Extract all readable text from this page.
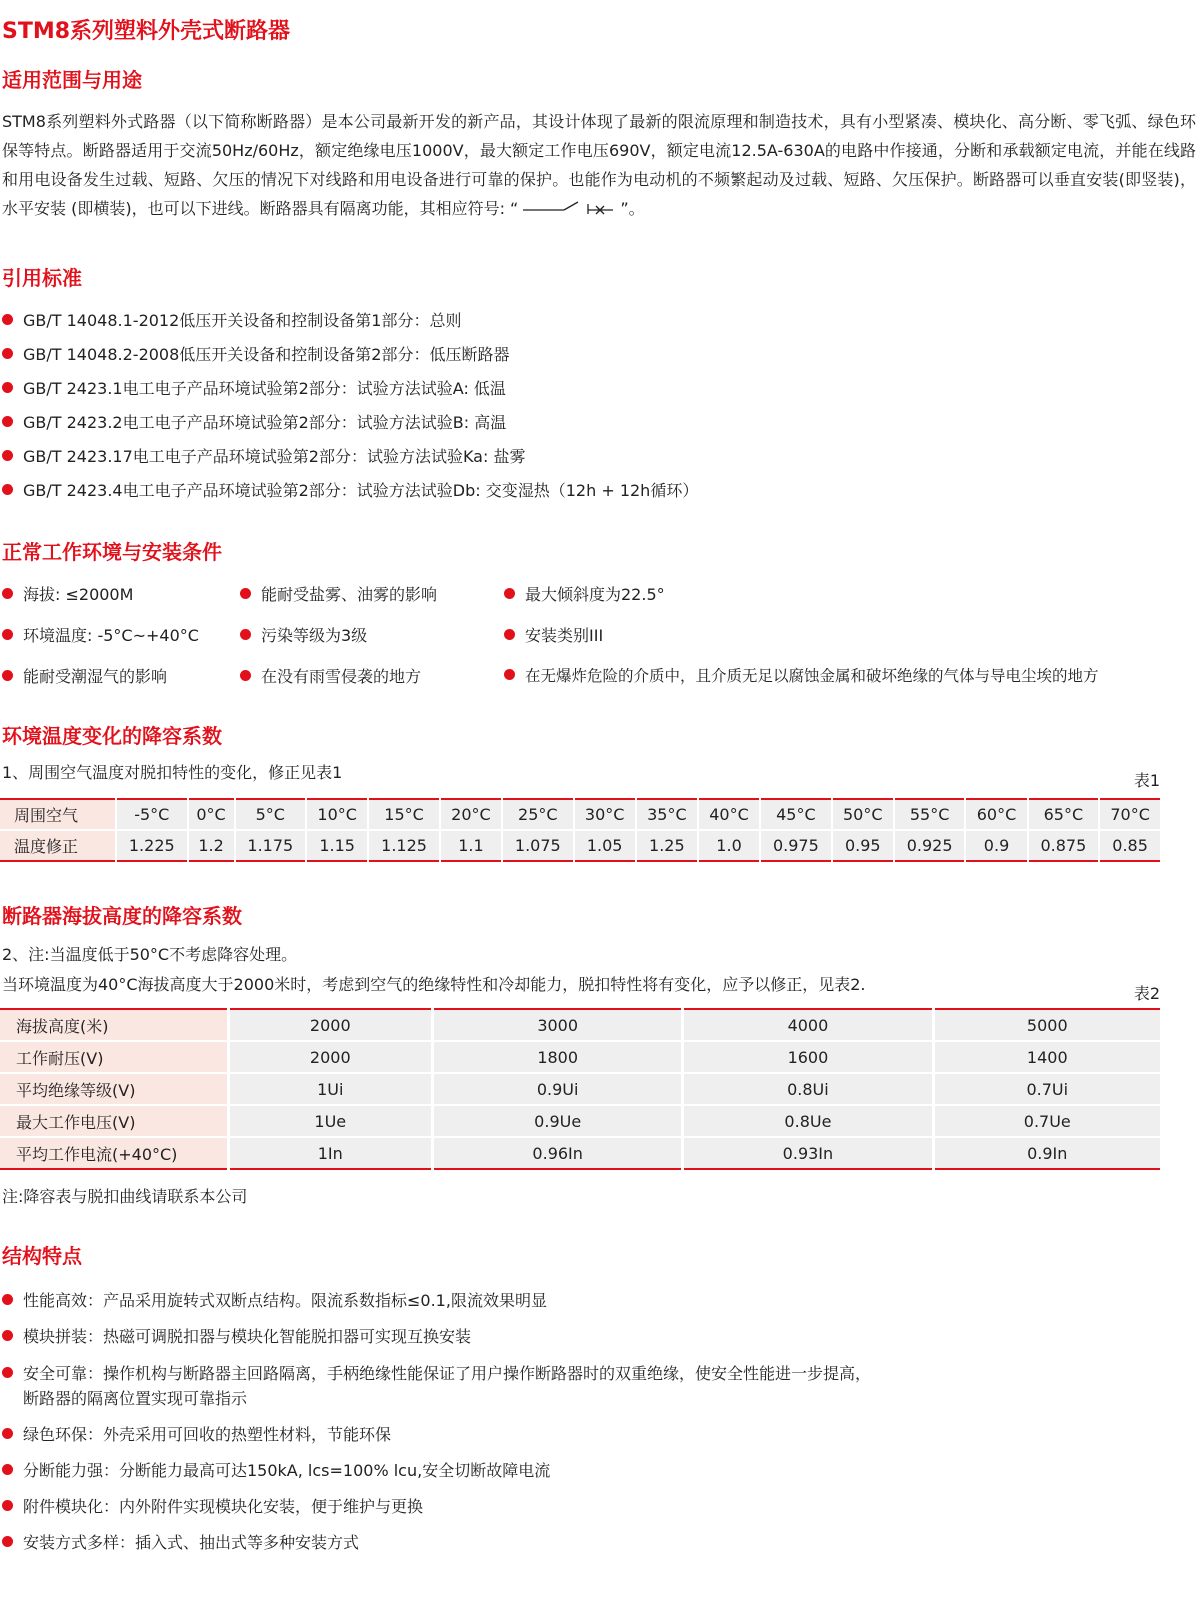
STM8系列塑料外壳式断路器
适用范围与用途
STM8系列塑料外式路器（以下简称断路器）是本公司最新开发的新产品，其设计体现了最新的限流原理和制造技术，具有小型紧凑、模块化、高分断、零飞弧、绿色环保等特点。断路器适用于交流50Hz/60Hz，额定绝缘电压1000V，最大额定工作电压690V，额定电流12.5A-630A的电路中作接通，分断和承载额定电流，并能在线路和用电设备发生过载、短路、欠压的情况下对线路和用电设备进行可靠的保护。也能作为电动机的不频繁起动及过载、短路、欠压保护。断路器可以垂直安装(即竖装)，水平安装 (即横装)，也可以下进线。断路器具有隔离功能，其相应符号: “	”。
引用标准
GB/T 14048.1-2012低压开关设备和控制设备第1部分：总则
GB/T 14048.2-2008低压开关设备和控制设备第2部分：低压断路器
GB/T 2423.1电工电子产品环境试验第2部分：试验方法试验A: 低温
GB/T 2423.2电工电子产品环境试验第2部分：试验方法试验B: 高温
GB/T 2423.17电工电子产品环境试验第2部分：试验方法试验Ka: 盐雾
GB/T 2423.4电工电子产品环境试验第2部分：试验方法试验Db: 交变湿热（12h + 12h循环）
正常工作环境与安装条件
海拔: ≤2000M
环境温度: -5°C~+40°C
能耐受潮湿气的影响
能耐受盐雾、油雾的影响
污染等级为3级
在没有雨雪侵袭的地方
最大倾斜度为22.5°
安装类别III
在无爆炸危险的介质中，且介质无足以腐蚀金属和破坏绝缘的气体与导电尘埃的地方
环境温度变化的降容系数
1、周围空气温度对脱扣特性的变化，修正见表1	表1
周围空气	-5°C	0°C	5°C	10°C	15°C	20°C	25°C	30°C	35°C	40°C	45°C	50°C	55°C	60°C	65°C	70°C
温度修正	1.225	1.2	1.175	1.15	1.125	1.1	1.075	1.05	1.25	1.0	0.975	0.95	0.925	0.9	0.875	0.85
断路器海拔高度的降容系数
2、注:当温度低于50°C不考虑降容处理。
当环境温度为40°C海拔高度大于2000米时，考虑到空气的绝缘特性和冷却能力，脱扣特性将有变化，应予以修正，见表2.	表2
海拔高度(米)	2000	3000	4000	5000
工作耐压(V)	2000	1800	1600	1400
平均绝缘等级(V)	1Ui	0.9Ui	0.8Ui	0.7Ui
最大工作电压(V)	1Ue	0.9Ue	0.8Ue	0.7Ue
平均工作电流(+40°C)	1In	0.96In	0.93In	0.9In
注:降容表与脱扣曲线请联系本公司
结构特点
性能高效：产品采用旋转式双断点结构。限流系数指标≤0.1,限流效果明显
模块拼装：热磁可调脱扣器与模块化智能脱扣器可实现互换安装
安全可靠：操作机构与断路器主回路隔离，手柄绝缘性能保证了用户操作断路器时的双重绝缘，使安全性能进一步提高，
断路器的隔离位置实现可靠指示
绿色环保：外壳采用可回收的热塑性材料，节能环保
分断能力强：分断能力最高可达150kA, lcs=100% lcu,安全切断故障电流
附件模块化：内外附件实现模块化安装，便于维护与更换
安装方式多样：插入式、抽出式等多种安装方式
